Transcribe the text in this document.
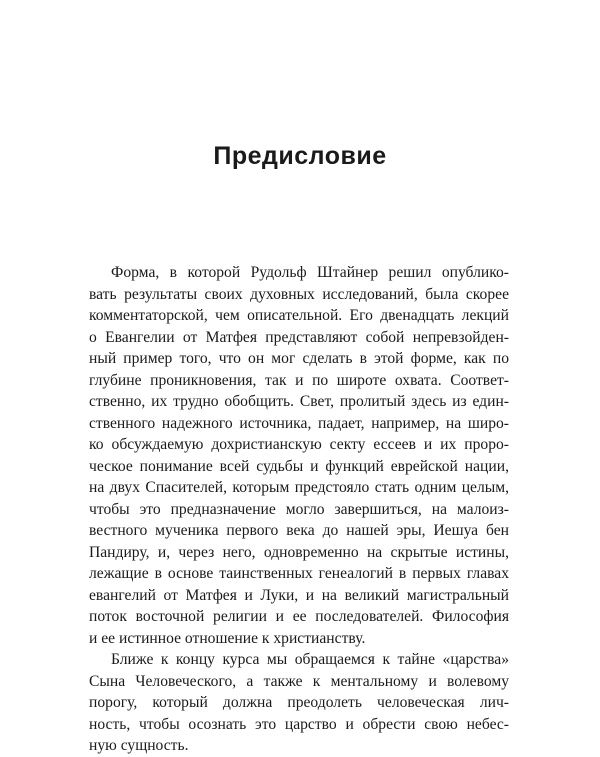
Предисловие

Форма, в которой Рудольф Штайнер решил опублико-
вать результаты своих духовных исследований, была скорее
комментаторской, чем описательной. Его двенадцать лекций
о Евангелии от Матфея представляют собой непревзойден-
ный пример того, что он мог сделать в этой форме, как по
глубине проникновения, так и по широте охвата. Соответ-
ственно, их трудно обобщить. Свет, пролитый здесь из един-
ственного надежного источника, падает, например, на широ-
ко обсуждаемую дохристианскую секту ессеев и их проро-
ческое понимание всей судьбы и функций еврейской нации,
на двух Спасителей, которым предстояло стать одним целым,
чтобы это предназначение могло завершиться, на малоиз-
вестного мученика первого века до нашей эры, Иешуа бен
Пандиру, и, через него, одновременно на скрытые истины,
лежащие в основе таинственных генеалогий в первых главах
евангелий от Матфея и Луки, и на великий магистральный
поток восточной религии и ее последователей. Философия
и ее истинное отношение к христианству.

Ближе к концу курса мы обращаемся к тайне «царства»
Сына Человеческого, а также к ментальному и волевому
порогу, который должна преодолеть человеческая лич-
ность, чтобы осознать это царство и обрести свою небес-
ную сущность.
